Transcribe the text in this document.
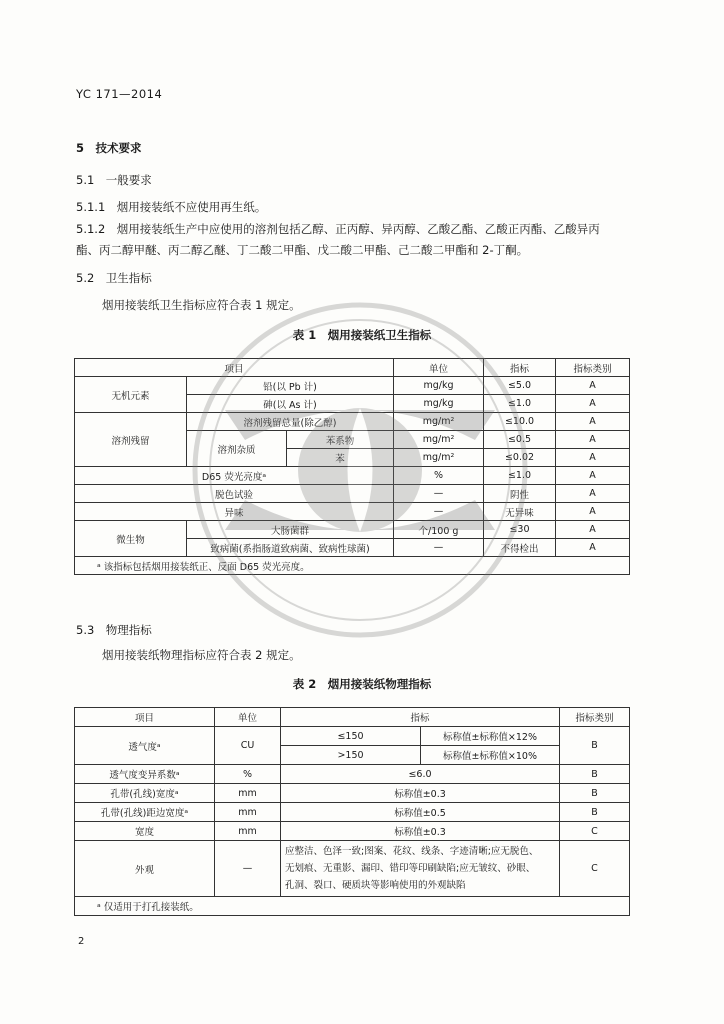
YC 171—2014
5　技术要求
5.1　一般要求
5.1.1　烟用接装纸不应使用再生纸。
5.1.2　烟用接装纸生产中应使用的溶剂包括乙醇、正丙醇、异丙醇、乙酸乙酯、乙酸正丙酯、乙酸异丙
酯、丙二醇甲醚、丙二醇乙醚、丁二酸二甲酯、戊二酸二甲酯、己二酸二甲酯和 2-丁酮。
5.2　卫生指标
烟用接装纸卫生指标应符合表 1 规定。
表 1　烟用接装纸卫生指标
项目			单位	指标	指标类别
无机元素	铅(以 Pb 计)		mg/kg	≤5.0	A
	砷(以 As 计)		mg/kg	≤1.0	A
溶剂残留	溶剂残留总量(除乙醇)		mg/m²	≤10.0	A
	溶剂杂质	苯系物	mg/m²	≤0.5	A
		苯	mg/m²	≤0.02	A
D65 荧光亮度ᵃ			%	≤1.0	A
脱色试验			—	阴性	A
异味			—	无异味	A
微生物	大肠菌群		个/100 g	≤30	A
	致病菌(系指肠道致病菌、致病性球菌)		—	不得检出	A
ᵃ 该指标包括烟用接装纸正、反面 D65 荧光亮度。					
5.3　物理指标
烟用接装纸物理指标应符合表 2 规定。
表 2　烟用接装纸物理指标
项目	单位	指标		指标类别
透气度ᵃ	CU	≤150	标称值±标称值×12%	B
		>150	标称值±标称值×10%	
透气度变异系数ᵃ	%	≤6.0		B
孔带(孔线)宽度ᵃ	mm	标称值±0.3		B
孔带(孔线)距边宽度ᵃ	mm	标称值±0.5		B
宽度	mm	标称值±0.3		C
外观	—	应整洁、色泽一致;图案、花纹、线条、字迹清晰;应无脱色、
无划痕、无重影、漏印、错印等印刷缺陷;应无皱纹、砂眼、
孔洞、裂口、硬质块等影响使用的外观缺陷		C
ᵃ 仅适用于打孔接装纸。				
2
